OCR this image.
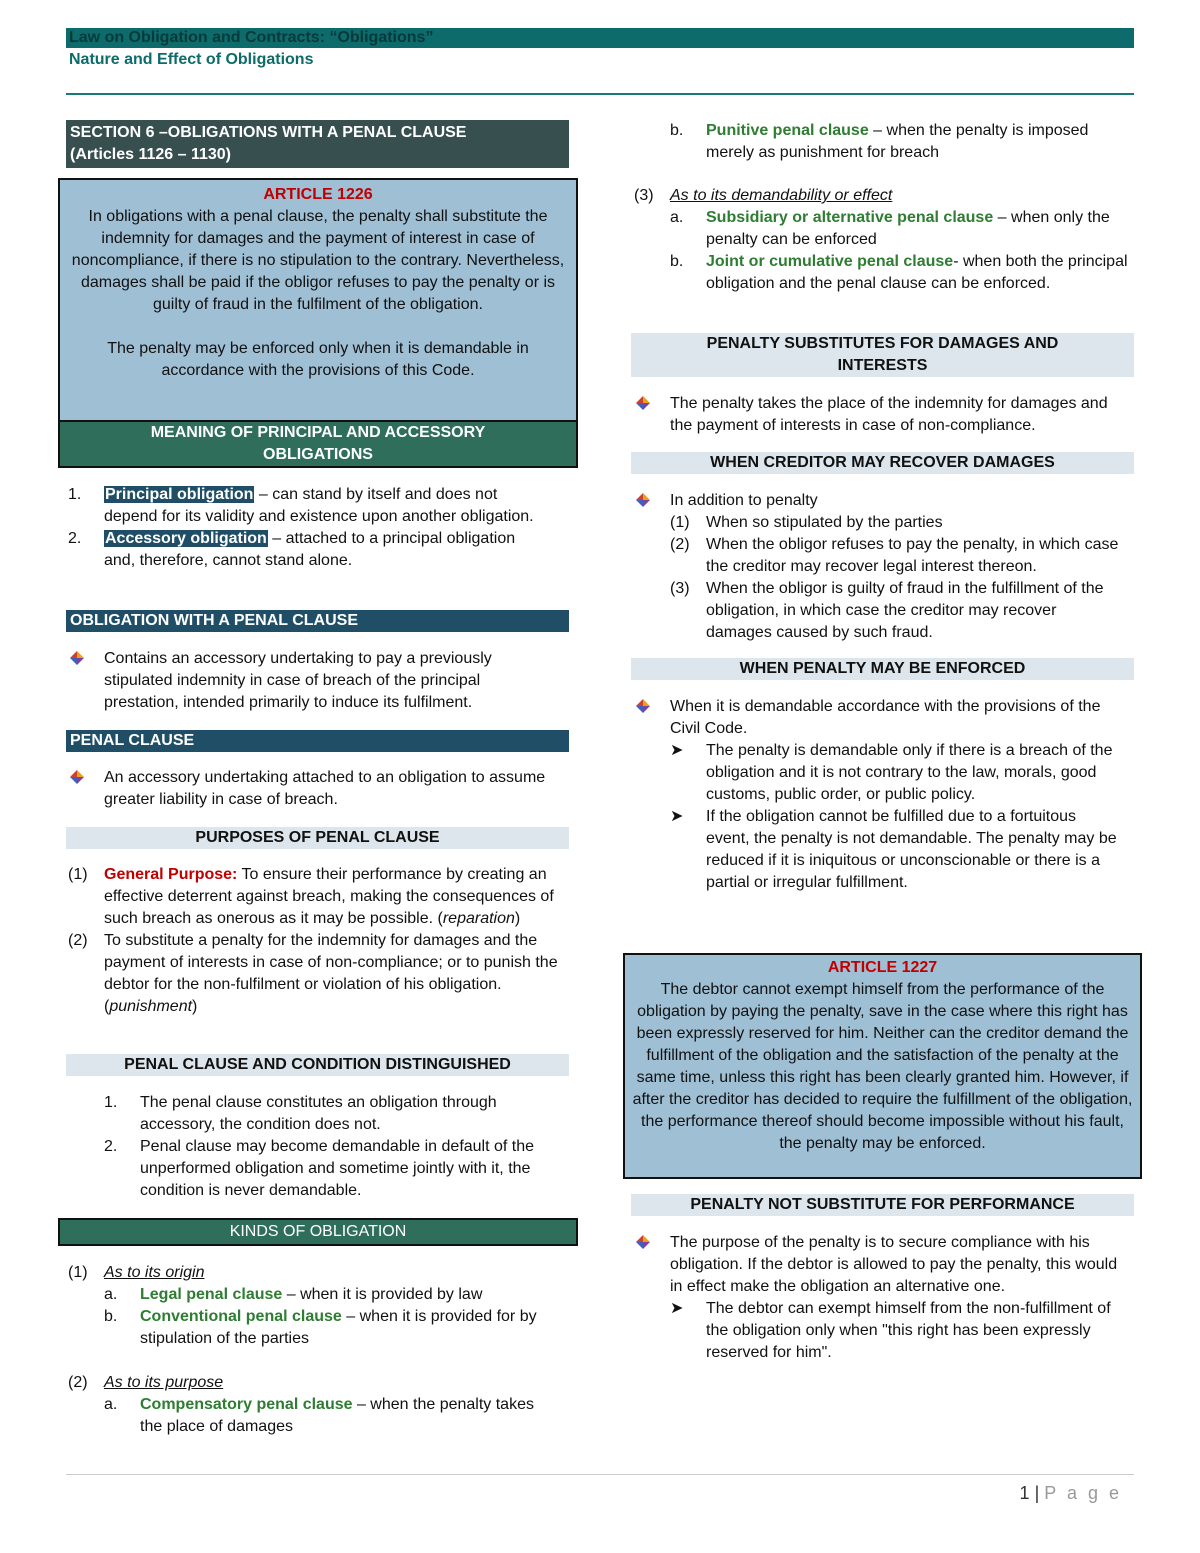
Law on Obligation and Contracts: “Obligations”
Nature and Effect of Obligations
SECTION 6 –OBLIGATIONS WITH A PENAL CLAUSE
(Articles 1126 – 1130)
ARTICLE 1226
In obligations with a penal clause, the penalty shall substitute the indemnity for damages and the payment of interest in case of noncompliance, if there is no stipulation to the contrary. Nevertheless, damages shall be paid if the obligor refuses to pay the penalty or is guilty of fraud in the fulfilment of the obligation.
The penalty may be enforced only when it is demandable in accordance with the provisions of this Code.
MEANING OF PRINCIPAL AND ACCESSORY OBLIGATIONS
1.	Principal obligation – can stand by itself and does not depend for its validity and existence upon another obligation.
2.	Accessory obligation – attached to a principal obligation and, therefore, cannot stand alone.
OBLIGATION WITH A PENAL CLAUSE
Contains an accessory undertaking to pay a previously stipulated indemnity in case of breach of the principal prestation, intended primarily to induce its fulfilment.
PENAL CLAUSE
An accessory undertaking attached to an obligation to assume greater liability in case of breach.
PURPOSES OF PENAL CLAUSE
(1)	General Purpose: To ensure their performance by creating an effective deterrent against breach, making the consequences of such breach as onerous as it may be possible. (reparation)
(2)	To substitute a penalty for the indemnity for damages and the payment of interests in case of non-compliance; or to punish the debtor for the non-fulfilment or violation of his obligation. (punishment)
PENAL CLAUSE AND CONDITION DISTINGUISHED
1.	The penal clause constitutes an obligation through accessory, the condition does not.
2.	Penal clause may become demandable in default of the unperformed obligation and sometime jointly with it, the condition is never demandable.
KINDS OF OBLIGATION
(1)	As to its origin
a.	Legal penal clause – when it is provided by law
b.	Conventional penal clause – when it is provided for by stipulation of the parties
(2)	As to its purpose
a.	Compensatory penal clause – when the penalty takes the place of damages
b.	Punitive penal clause – when the penalty is imposed merely as punishment for breach
(3)	As to its demandability or effect
a.	Subsidiary or alternative penal clause – when only the penalty can be enforced
b.	Joint or cumulative penal clause- when both the principal obligation and the penal clause can be enforced.
PENALTY SUBSTITUTES FOR DAMAGES AND INTERESTS
The penalty takes the place of the indemnity for damages and the payment of interests in case of non-compliance.
WHEN CREDITOR MAY RECOVER DAMAGES
In addition to penalty
(1)	When so stipulated by the parties
(2)	When the obligor refuses to pay the penalty, in which case the creditor may recover legal interest thereon.
(3)	When the obligor is guilty of fraud in the fulfillment of the obligation, in which case the creditor may recover damages caused by such fraud.
WHEN PENALTY MAY BE ENFORCED
When it is demandable accordance with the provisions of the Civil Code.
➤	The penalty is demandable only if there is a breach of the obligation and it is not contrary to the law, morals, good customs, public order, or public policy.
➤	If the obligation cannot be fulfilled due to a fortuitous event, the penalty is not demandable. The penalty may be reduced if it is iniquitous or unconscionable or there is a partial or irregular fulfillment.
ARTICLE 1227
The debtor cannot exempt himself from the performance of the obligation by paying the penalty, save in the case where this right has been expressly reserved for him. Neither can the creditor demand the fulfillment of the obligation and the satisfaction of the penalty at the same time, unless this right has been clearly granted him. However, if after the creditor has decided to require the fulfillment of the obligation, the performance thereof should become impossible without his fault, the penalty may be enforced.
PENALTY NOT SUBSTITUTE FOR PERFORMANCE
The purpose of the penalty is to secure compliance with his obligation. If the debtor is allowed to pay the penalty, this would in effect make the obligation an alternative one.
➤	The debtor can exempt himself from the non-fulfillment of the obligation only when "this right has been expressly reserved for him".
1 | P a g e
